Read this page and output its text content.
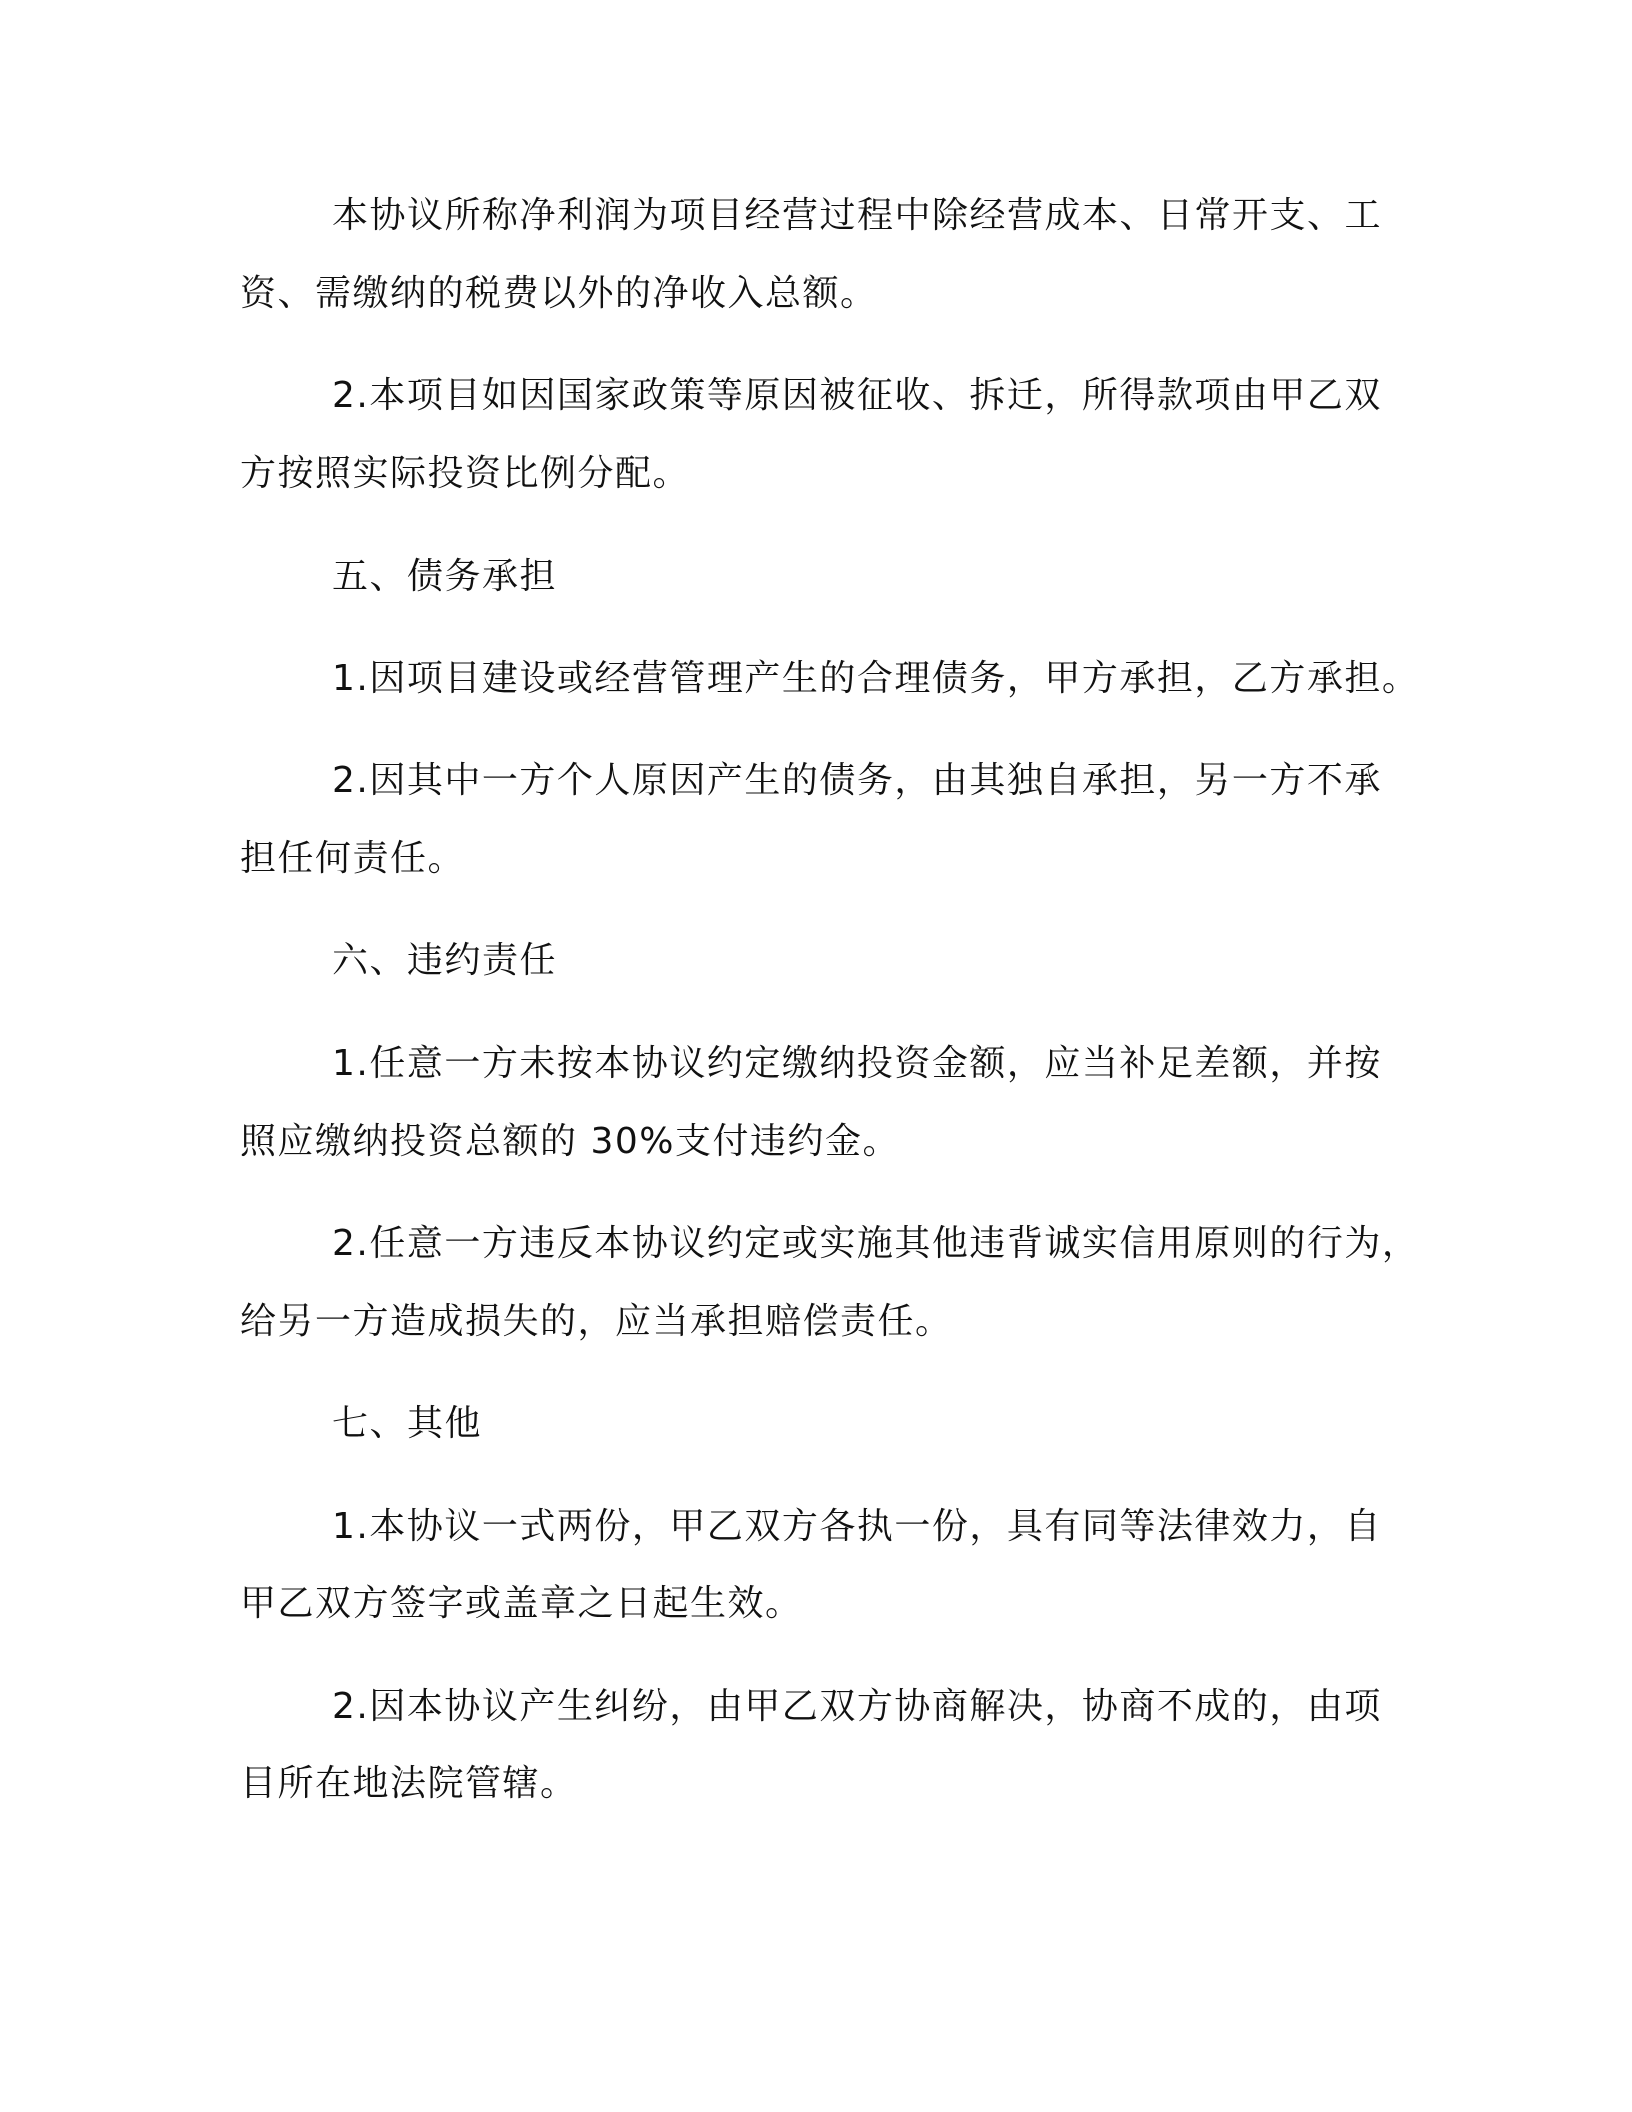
本协议所称净利润为项目经营过程中除经营成本、日常开支、工
资、需缴纳的税费以外的净收入总额。
2.本项目如因国家政策等原因被征收、拆迁，所得款项由甲乙双
方按照实际投资比例分配。
五、债务承担
1.因项目建设或经营管理产生的合理债务，甲方承担，乙方承担。
2.因其中一方个人原因产生的债务，由其独自承担，另一方不承
担任何责任。
六、违约责任
1.任意一方未按本协议约定缴纳投资金额，应当补足差额，并按
照应缴纳投资总额的 30%支付违约金。
2.任意一方违反本协议约定或实施其他违背诚实信用原则的行为，
给另一方造成损失的，应当承担赔偿责任。
七、其他
1.本协议一式两份，甲乙双方各执一份，具有同等法律效力，自
甲乙双方签字或盖章之日起生效。
2.因本协议产生纠纷，由甲乙双方协商解决，协商不成的，由项
目所在地法院管辖。
